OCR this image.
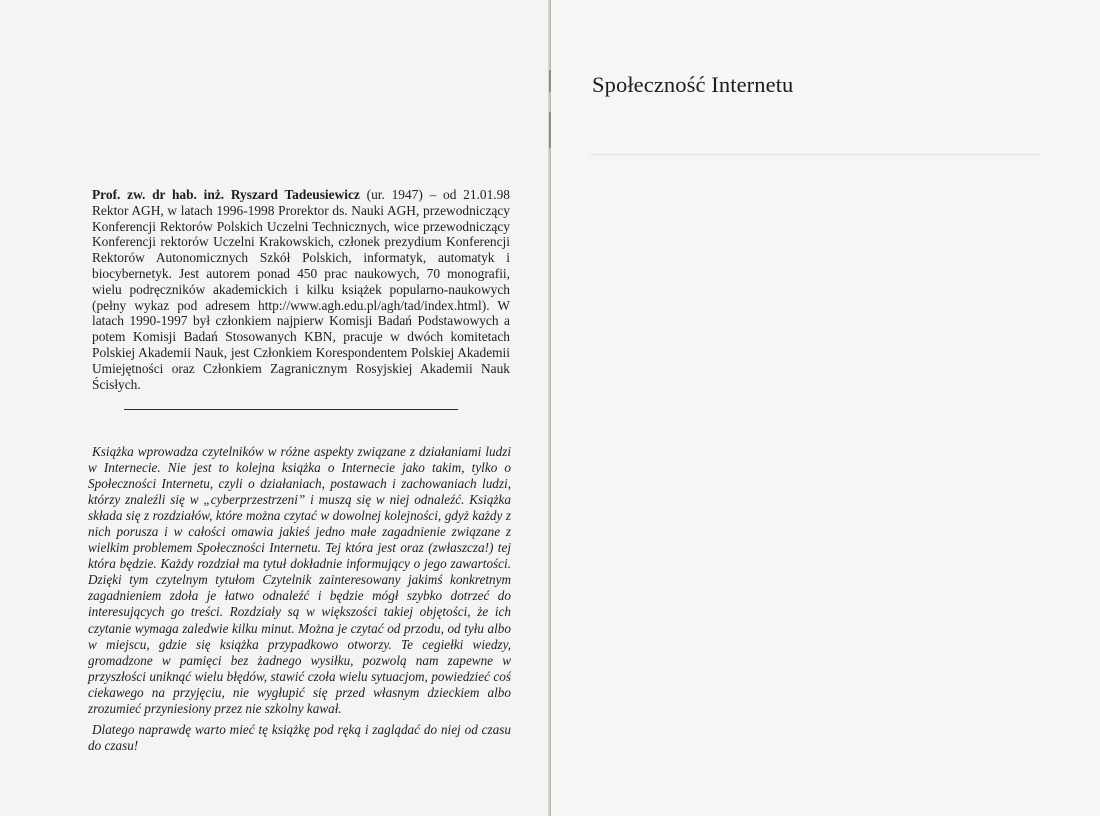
Prof. zw. dr hab. inż. Ryszard Tadeusiewicz (ur. 1947) – od 21.01.98 Rektor AGH, w latach 1996-1998 Prorektor ds. Nauki AGH, przewodniczący Konferencji Rektorów Polskich Uczelni Technicznych, wice przewodniczący Konferencji rektorów Uczelni Krakowskich, członek prezydium Konferencji Rektorów Autonomicznych Szkół Polskich, informatyk, automatyk i biocybernetyk. Jest autorem ponad 450 prac naukowych, 70 monografii, wielu podręczników akademickich i kilku książek popularno-naukowych (pełny wykaz pod adresem http://www.agh.edu.pl/agh/tad/index.html). W latach 1990-1997 był członkiem najpierw Komisji Badań Podstawowych a potem Komisji Badań Stosowanych KBN, pracuje w dwóch komitetach Polskiej Akademii Nauk, jest Członkiem Korespondentem Polskiej Akademii Umiejętności oraz Członkiem Zagranicznym Rosyjskiej Akademii Nauk Ścisłych.

Książka wprowadza czytelników w różne aspekty związane z działaniami ludzi w Internecie. Nie jest to kolejna książka o Internecie jako takim, tylko o Społeczności Internetu, czyli o działaniach, postawach i zachowaniach ludzi, którzy znaleźli się w „cyberprzestrzeni” i muszą się w niej odnaleźć. Książka składa się z rozdziałów, które można czytać w dowolnej kolejności, gdyż każdy z nich porusza i w całości omawia jakieś jedno małe zagadnienie związane z wielkim problemem Społeczności Internetu. Tej która jest oraz (zwłaszcza!) tej która będzie. Każdy rozdział ma tytuł dokładnie informujący o jego zawartości. Dzięki tym czytelnym tytułom Czytelnik zainteresowany jakimś konkretnym zagadnieniem zdoła je łatwo odnaleźć i będzie mógł szybko dotrzeć do interesujących go treści. Rozdziały są w większości takiej objętości, że ich czytanie wymaga zaledwie kilku minut. Można je czytać od przodu, od tyłu albo w miejscu, gdzie się książka przypadkowo otworzy. Te cegiełki wiedzy, gromadzone w pamięci bez żadnego wysiłku, pozwolą nam zapewne w przyszłości uniknąć wielu błędów, stawić czoła wielu sytuacjom, powiedzieć coś ciekawego na przyjęciu, nie wygłupić się przed własnym dzieckiem albo zrozumieć przyniesiony przez nie szkolny kawał.

Dlatego naprawdę warto mieć tę książkę pod ręką i zaglądać do niej od czasu do czasu!

Społeczność Internetu
